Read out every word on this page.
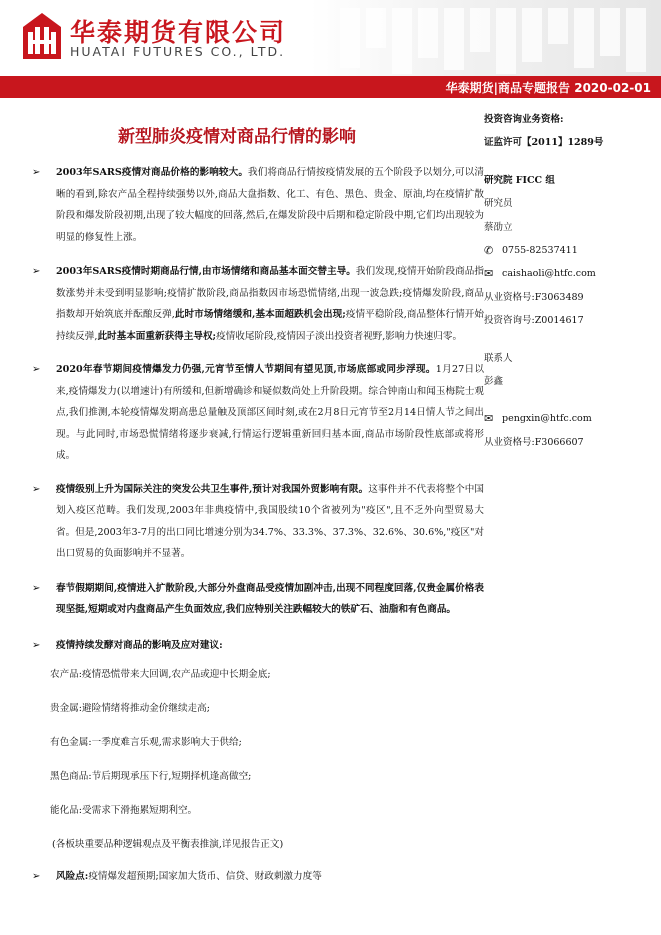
华泰期货有限公司
HUATAI FUTURES CO., LTD.
华泰期货|商品专题报告 2020-02-01
新型肺炎疫情对商品行情的影响
➢ 2003年SARS疫情对商品价格的影响较大。我们将商品行情按疫情发展的五个阶段予以划分,可以清晰的看到,除农产品全程持续强势以外,商品大盘指数、化工、有色、黑色、贵金、原油,均在疫情扩散阶段和爆发阶段初期,出现了较大幅度的回落,然后,在爆发阶段中后期和稳定阶段中期,它们均出现较为明显的修复性上涨。
➢ 2003年SARS疫情时期商品行情,由市场情绪和商品基本面交替主导。我们发现,疫情开始阶段商品指数涨势并未受到明显影响;疫情扩散阶段,商品指数因市场恐慌情绪,出现一波急跌;疫情爆发阶段,商品指数却开始筑底并酝酿反弹,此时市场情绪缓和,基本面超跌机会出现;疫情平稳阶段,商品整体行情开始持续反弹,此时基本面重新获得主导权;疫情收尾阶段,疫情因子淡出投资者视野,影响力快速归零。
➢ 2020年春节期间疫情爆发力仍强,元宵节至情人节期间有望见顶,市场底部或同步浮现。1月27日以来,疫情爆发力(以增速计)有所缓和,但新增确诊和疑似数尚处上升阶段期。综合钟南山和闻玉梅院士观点,我们推测,本轮疫情爆发期高患总量触及顶部区间时刻,或在2月8日元宵节至2月14日情人节之间出现。与此同时,市场恐慌情绪将逐步衰减,行情运行逻辑重新回归基本面,商品市场阶段性底部或将形成。
➢ 疫情级别上升为国际关注的突发公共卫生事件,预计对我国外贸影响有限。这事件并不代表将整个中国划入疫区范畴。我们发现,2003年非典疫情中,我国股续10个省被列为"疫区",且不乏外向型贸易大省。但是,2003年3-7月的出口同比增速分别为34.7%、33.3%、37.3%、32.6%、30.6%,"疫区"对出口贸易的负面影响并不显著。
➢ 春节假期期间,疫情进入扩散阶段,大部分外盘商品受疫情加剧冲击,出现不同程度回落,仅贵金属价格表现坚挺,短期或对内盘商品产生负面效应,我们应特别关注跌幅较大的铁矿石、油脂和有色商品。
➢ 疫情持续发酵对商品的影响及应对建议:
农产品:疫情恐慌带来大回调,农产品或迎中长期金底;
贵金属:避险情绪将推动金价继续走高;
有色金属:一季度难言乐观,需求影响大于供给;
黑色商品:节后期现承压下行,短期择机逢高做空;
能化品:受需求下滑拖累短期利空。
(各板块重要品种逻辑观点及平衡表推演,详见报告正文)
➢ 风险点:疫情爆发超预期;国家加大货币、信贷、财政刺激力度等
投资咨询业务资格:
证监许可【2011】1289号
研究院 FICC 组
研究员
蔡劭立
✆ 0755-82537411
✉ caishaoli@htfc.com
从业资格号:F3063489
投资咨询号:Z0014617
联系人
彭鑫
✉ pengxin@htfc.com
从业资格号:F3066607
